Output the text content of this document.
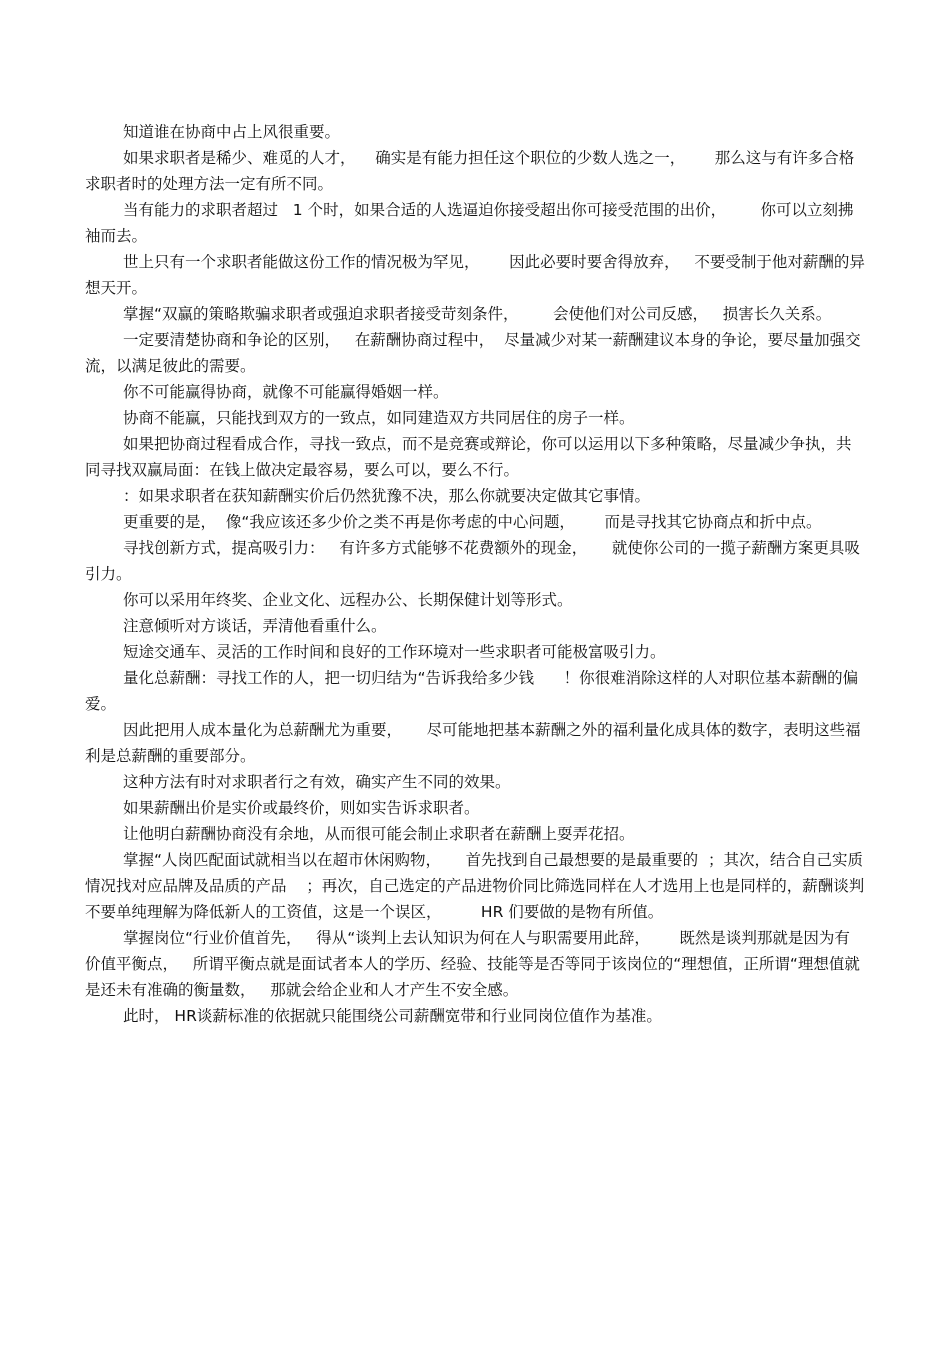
知道谁在协商中占上风很重要。

如果求职者是稀少、难觅的人才，    确实是有能力担任这个职位的少数人选之一，      那么这与有许多合格求职者时的处理方法一定有所不同。

当有能力的求职者超过   1 个时，如果合适的人选逼迫你接受超出你可接受范围的出价，       你可以立刻拂袖而去。

世上只有一个求职者能做这份工作的情况极为罕见，      因此必要时要舍得放弃，   不要受制于他对薪酬的异想天开。

掌握“双赢的策略欺骗求职者或强迫求职者接受苛刻条件，       会使他们对公司反感，   损害长久关系。

一定要清楚协商和争论的区别，   在薪酬协商过程中，  尽量减少对某一薪酬建议本身的争论，要尽量加强交流，以满足彼此的需要。

你不可能赢得协商，就像不可能赢得婚姻一样。

协商不能赢，只能找到双方的一致点，如同建造双方共同居住的房子一样。

如果把协商过程看成合作，寻找一致点，而不是竞赛或辩论，你可以运用以下多种策略，尽量减少争执，共同寻找双赢局面：在钱上做决定最容易，要么可以，要么不行。

：如果求职者在获知薪酬实价后仍然犹豫不决，那么你就要决定做其它事情。

更重要的是，  像“我应该还多少价之类不再是你考虑的中心问题，      而是寻找其它协商点和折中点。

寻找创新方式，提高吸引力：   有许多方式能够不花费额外的现金，     就使你公司的一揽子薪酬方案更具吸引力。

你可以采用年终奖、企业文化、远程办公、长期保健计划等形式。

注意倾听对方谈话，弄清他看重什么。

短途交通车、灵活的工作时间和良好的工作环境对一些求职者可能极富吸引力。

量化总薪酬：寻找工作的人，把一切归结为“告诉我给多少钱      ！你很难消除这样的人对职位基本薪酬的偏爱。

因此把用人成本量化为总薪酬尤为重要，     尽可能地把基本薪酬之外的福利量化成具体的数字，表明这些福利是总薪酬的重要部分。

这种方法有时对求职者行之有效，确实产生不同的效果。

如果薪酬出价是实价或最终价，则如实告诉求职者。

让他明白薪酬协商没有余地，从而很可能会制止求职者在薪酬上耍弄花招。

掌握“人岗匹配面试就相当以在超市休闲购物，     首先找到自己最想要的是最重要的  ；其次，结合自己实质情况找对应品牌及品质的产品    ；再次，自己选定的产品进物价同比筛选同样在人才选用上也是同样的，薪酬谈判不要单纯理解为降低新人的工资值，这是一个误区，        HR 们要做的是物有所值。

掌握岗位“行业价值首先，   得从“谈判上去认知识为何在人与职需要用此辞，      既然是谈判那就是因为有价值平衡点，   所谓平衡点就是面试者本人的学历、经验、技能等是否等同于该岗位的“理想值，正所谓“理想值就是还未有准确的衡量数，   那就会给企业和人才产生不安全感。

此时， HR谈薪标准的依据就只能围绕公司薪酬宽带和行业同岗位值作为基准。
